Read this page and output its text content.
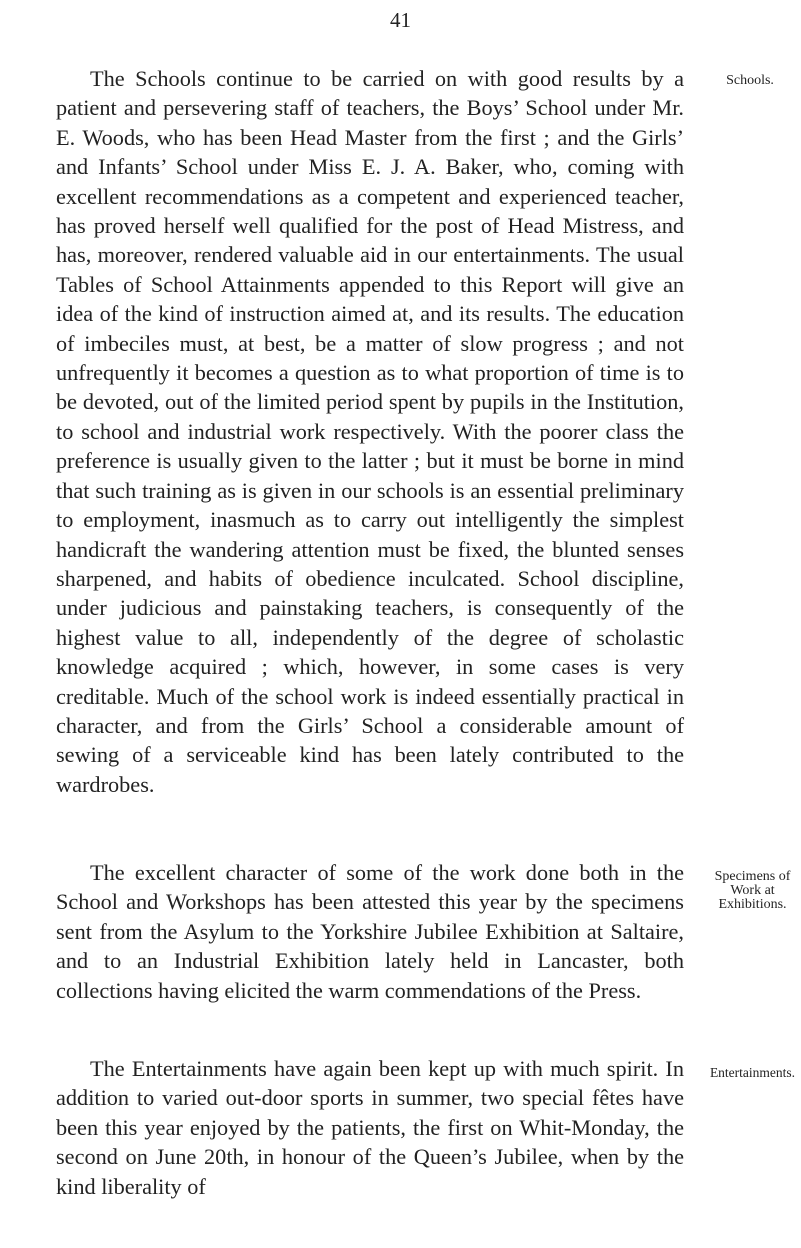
41

The Schools continue to be carried on with good results by a patient and persevering staff of teachers, the Boys’ School under Mr. E. Woods, who has been Head Master from the first ; and the Girls’ and Infants’ School under Miss E. J. A. Baker, who, coming with excellent recommendations as a competent and experienced teacher, has proved herself well qualified for the post of Head Mistress, and has, moreover, rendered valuable aid in our entertainments. The usual Tables of School Attainments appended to this Report will give an idea of the kind of instruction aimed at, and its results. The education of imbeciles must, at best, be a matter of slow progress ; and not unfrequently it becomes a question as to what proportion of time is to be devoted, out of the limited period spent by pupils in the Institution, to school and industrial work respectively. With the poorer class the preference is usually given to the latter ; but it must be borne in mind that such training as is given in our schools is an essential preliminary to employment, inasmuch as to carry out intelligently the simplest handicraft the wandering attention must be fixed, the blunted senses sharpened, and habits of obedience inculcated. School discipline, under judicious and painstaking teachers, is consequently of the highest value to all, independently of the degree of scholastic knowledge acquired ; which, however, in some cases is very creditable. Much of the school work is indeed essentially practical in character, and from the Girls’ School a considerable amount of sewing of a serviceable kind has been lately contributed to the wardrobes.

Schools.

The excellent character of some of the work done both in the School and Workshops has been attested this year by the specimens sent from the Asylum to the Yorkshire Jubilee Exhibition at Saltaire, and to an Industrial Exhibition lately held in Lancaster, both collections having elicited the warm commendations of the Press.

Specimens of
Work at
Exhibitions.

The Entertainments have again been kept up with much spirit. In addition to varied out-door sports in summer, two special fêtes have been this year enjoyed by the patients, the first on Whit-Monday, the second on June 20th, in honour of the Queen’s Jubilee, when by the kind liberality of

Entertainments.
